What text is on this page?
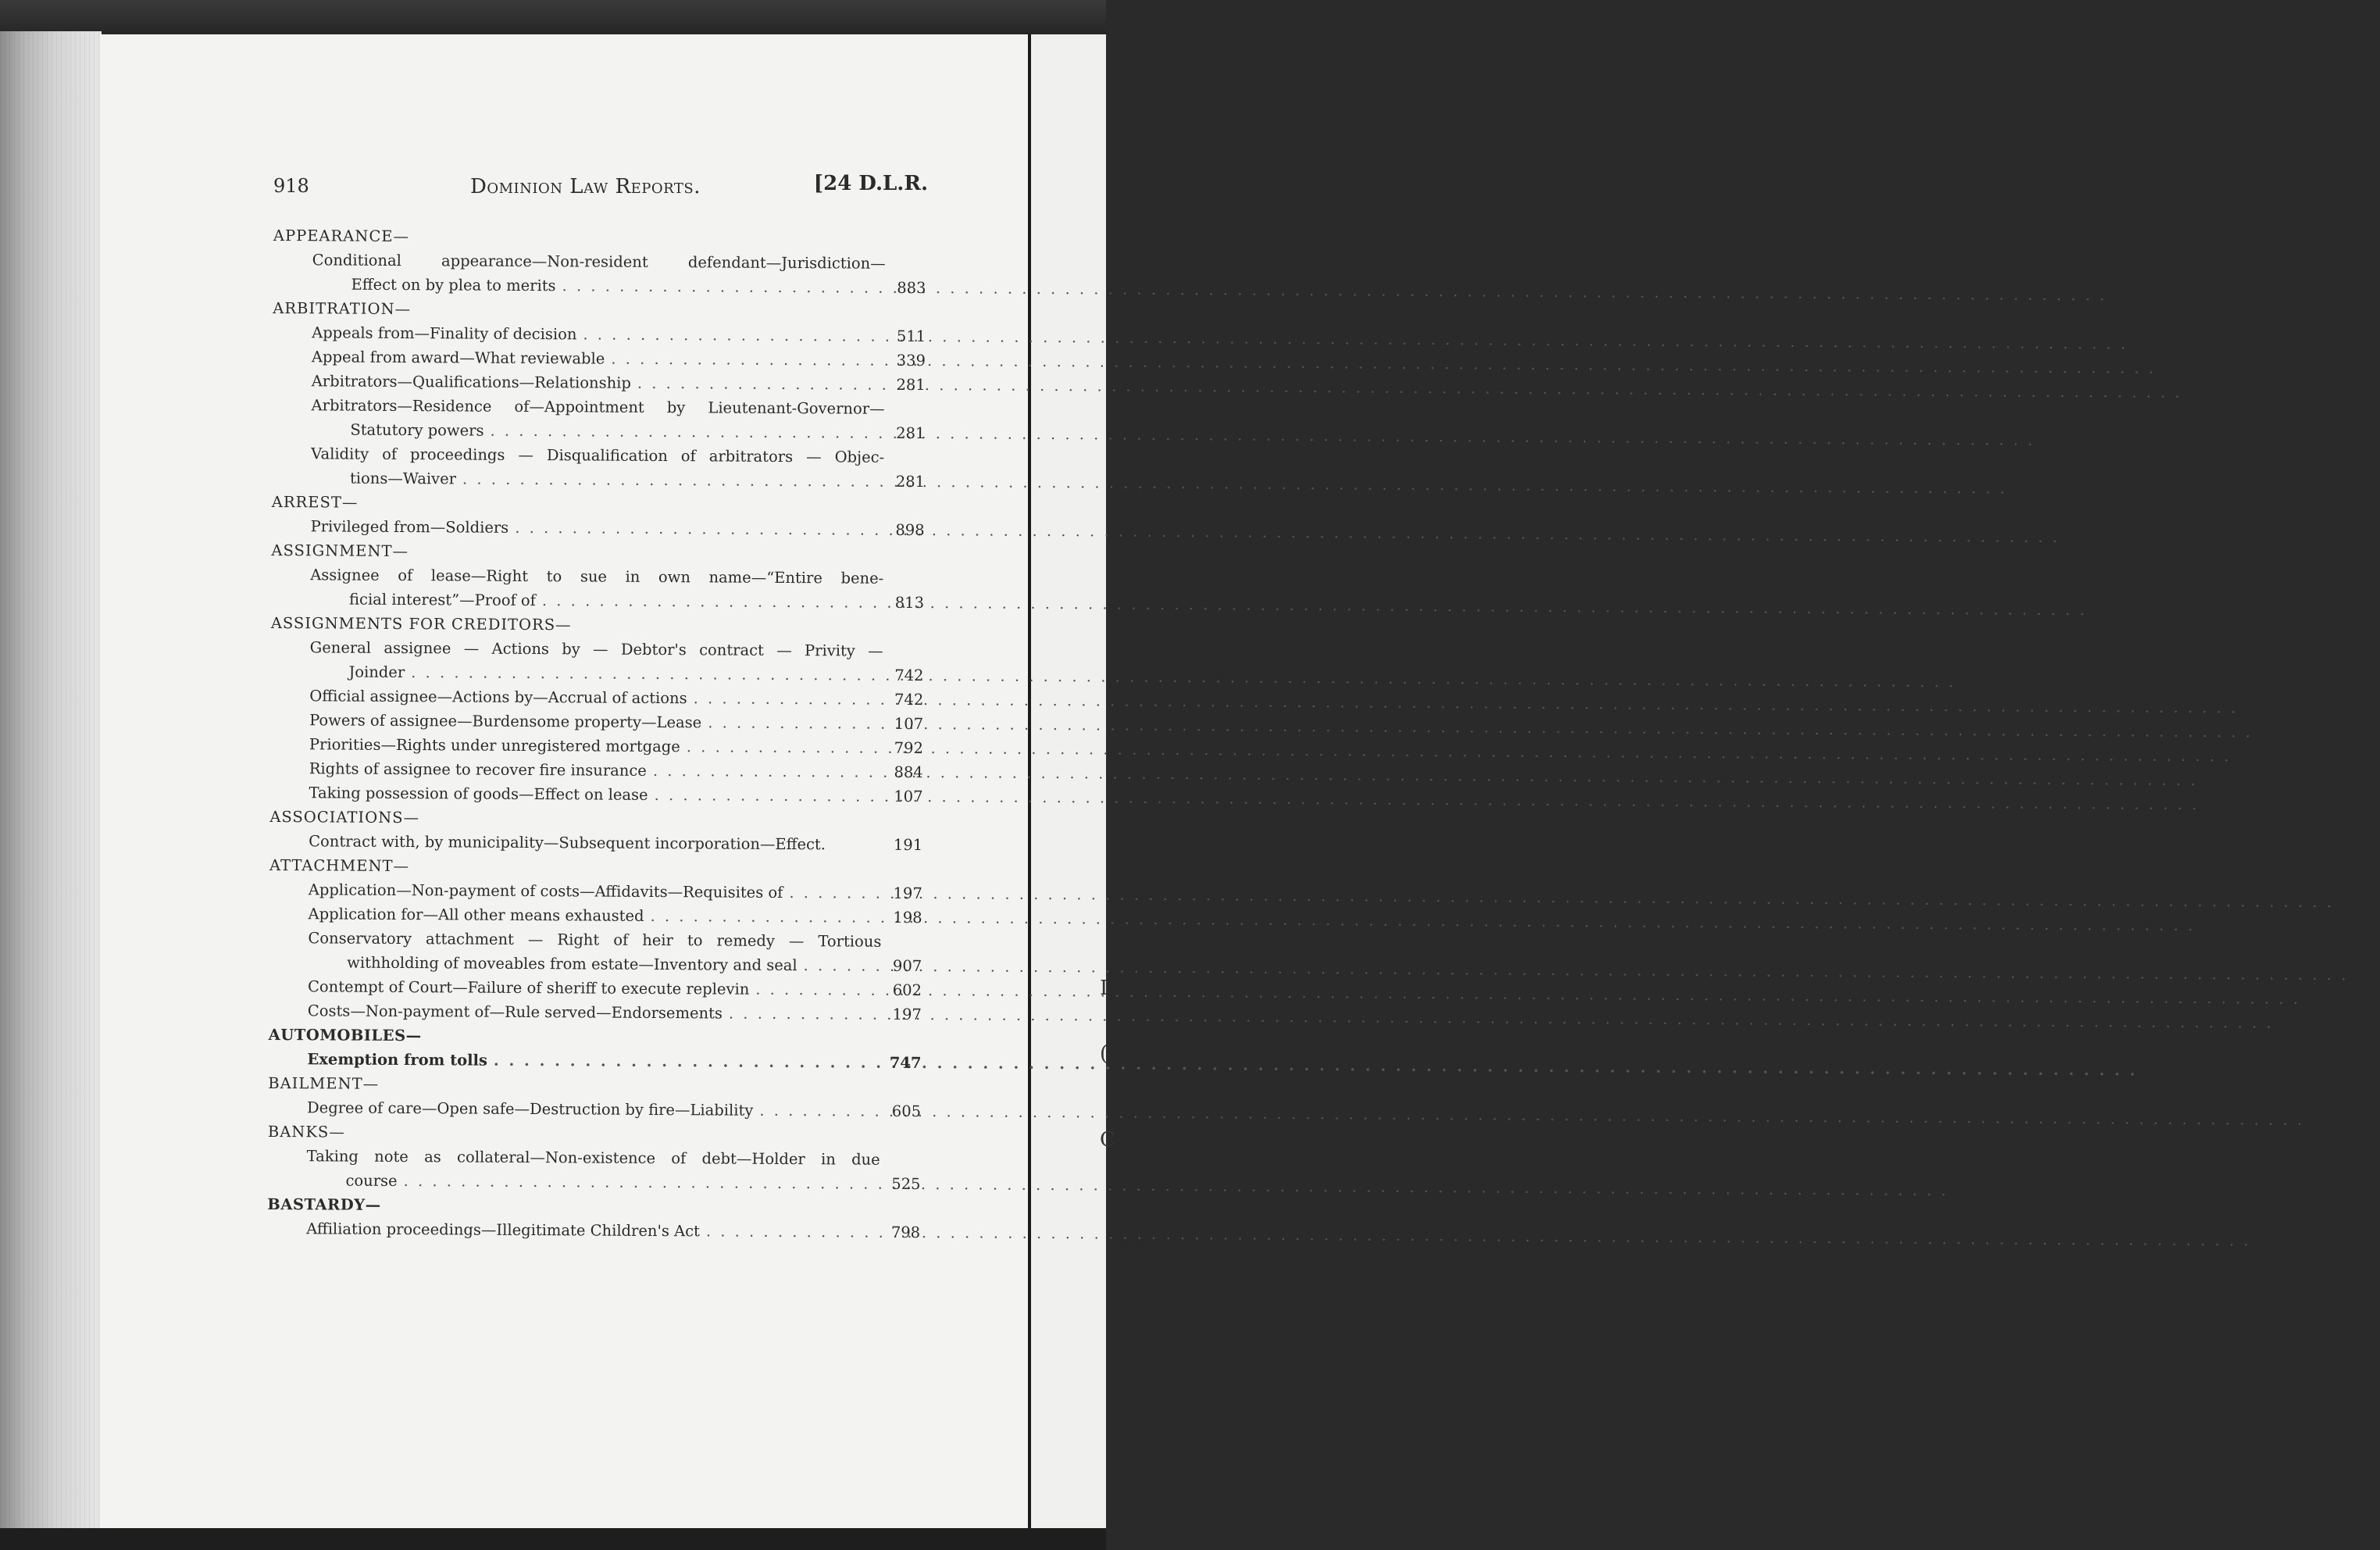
I
(
C
918	Dominion Law Reports.	[24 D.L.R.
APPEARANCE—
Conditional appearance—Non-resident defendant—Jurisdiction—
Effect on by plea to merits . . .	883
ARBITRATION—
Appeals from—Finality of decision . . .	511
Appeal from award—What reviewable . . .	339
Arbitrators—Qualifications—Relationship . . .	281
Arbitrators—Residence of—Appointment by Lieutenant-Governor—
Statutory powers . . .	281
Validity of proceedings — Disqualification of arbitrators — Objec-
tions—Waiver . . .	281
ARREST—
Privileged from—Soldiers . . .	898
ASSIGNMENT—
Assignee of lease—Right to sue in own name—“Entire bene-
ficial interest”—Proof of . . .	813
ASSIGNMENTS FOR CREDITORS—
General assignee — Actions by — Debtor's contract — Privity —
Joinder . . .	742
Official assignee—Actions by—Accrual of actions . . .	742
Powers of assignee—Burdensome property—Lease . . .	107
Priorities—Rights under unregistered mortgage . . .	792
Rights of assignee to recover fire insurance . . .	884
Taking possession of goods—Effect on lease . . .	107
ASSOCIATIONS—
Contract with, by municipality—Subsequent incorporation—Effect.	191
ATTACHMENT—
Application—Non-payment of costs—Affidavits—Requisites of . . .	197
Application for—All other means exhausted . . .	198
Conservatory attachment — Right of heir to remedy — Tortious
withholding of moveables from estate—Inventory and seal . . .	907
Contempt of Court—Failure of sheriff to execute replevin . . .	602
Costs—Non-payment of—Rule served—Endorsements . . .	197
AUTOMOBILES—
Exemption from tolls . . .	747
BAILMENT—
Degree of care—Open safe—Destruction by fire—Liability . . .	605
BANKS—
Taking note as collateral—Non-existence of debt—Holder in due
course . . .	525
BASTARDY—
Affiliation proceedings—Illegitimate Children's Act . . .	798
